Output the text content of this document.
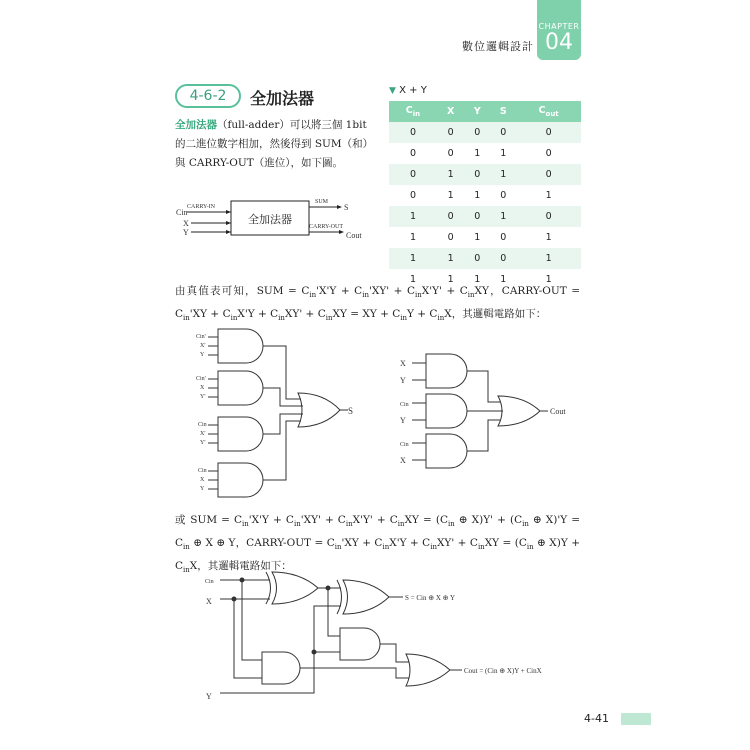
數位邏輯設計
CHAPTER
04
4-6-2	全加法器
全加法器（full-adder）可以將三個 1bit 的二進位數字相加，然後得到 SUM（和）與 CARRY-OUT（進位），如下圖。
全加法器
CARRY-IN
Cin
X
Y
SUM
S
CARRY-OUT
Cout
▼ X + Y
$C_{in}$	X	Y	S	$C_{out}$
0	0	0	0	0
0	0	1	1	0
0	1	0	1	0
0	1	1	0	1
1	0	0	1	0
1	0	1	0	1
1	1	0	0	1
1	1	1	1	1
由真值表可知，SUM = $C_{in}'X'Y + C_{in}'XY' + C_{in}X'Y' + C_{in}XY$，CARRY-OUT = $C_{in}'XY + C_{in}X'Y + C_{in}XY' + C_{in}XY$ = XY + $C_{in}Y + C_{in}X$，其邏輯電路如下：
Cin'
X'
Y
Cin'
X
Y'
Cin
X'
Y'
Cin
X
Y
S
X
Y
Cin
Y
Cin
X
Cout
或 SUM = $C_{in}'X'Y + C_{in}'XY' + C_{in}X'Y' + C_{in}XY = (C_{in}$ ⊕ $X)Y' + (C_{in}$ ⊕ $X)'Y = C_{in}$ ⊕ X ⊕ Y，CARRY-OUT = $C_{in}'XY + C_{in}X'Y + C_{in}XY' + C_{in}XY = (C_{in}$ ⊕ $X)Y + C_{in}X$，其邏輯電路如下：
Cin
X
Y
S = Cin ⊕ X ⊕ Y
Cout = (Cin ⊕ X)Y + CinX
4-41
